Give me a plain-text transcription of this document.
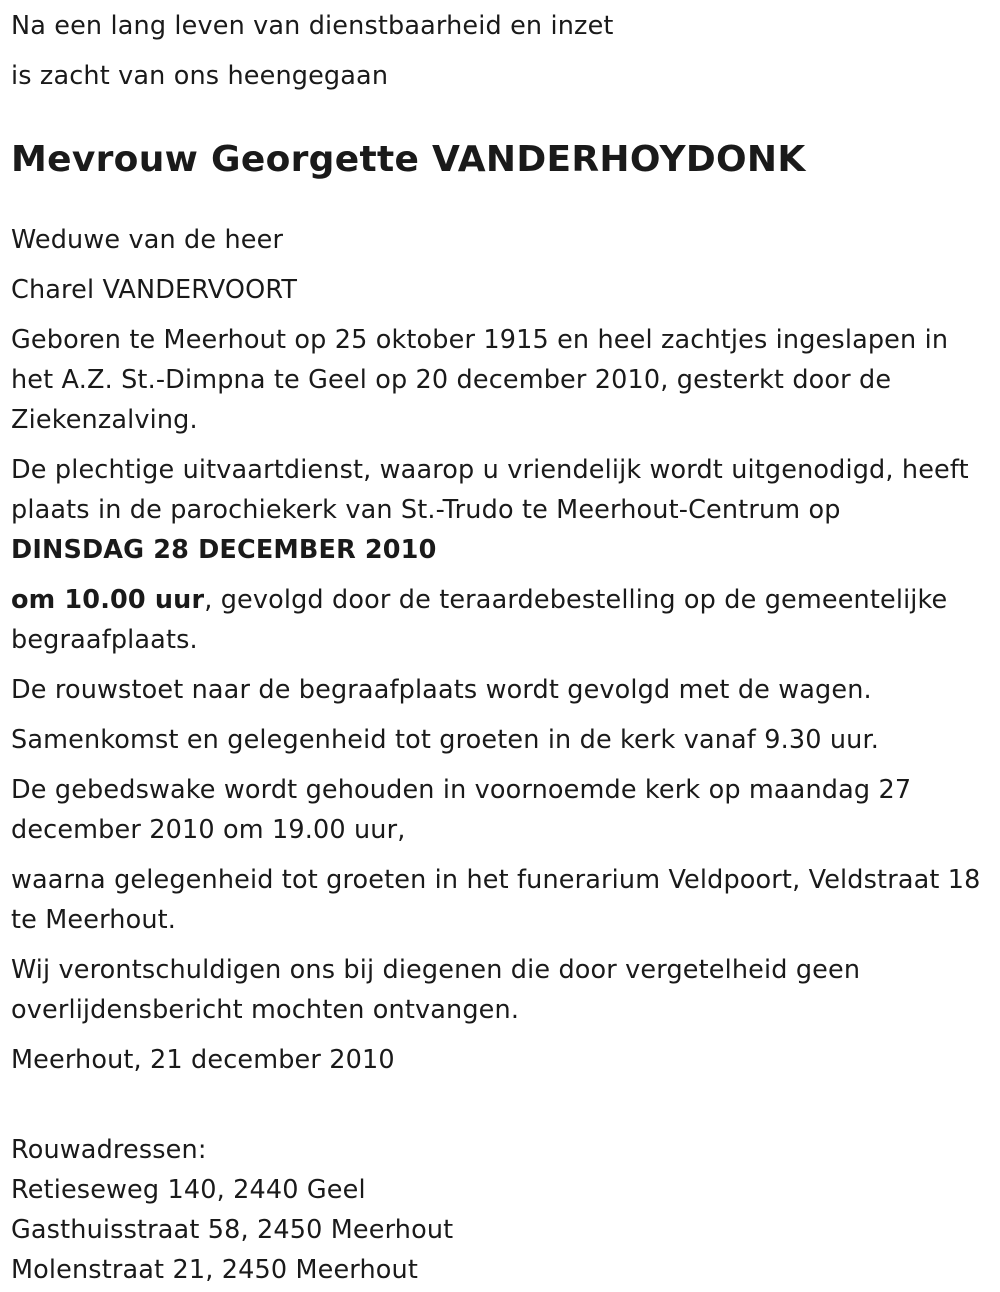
Na een lang leven van dienstbaarheid en inzet

is zacht van ons heengegaan

Mevrouw Georgette VANDERHOYDONK

Weduwe van de heer

Charel VANDERVOORT

Geboren te Meerhout op 25 oktober 1915 en heel zachtjes ingeslapen in het A.Z. St.-Dimpna te Geel op 20 december 2010, gesterkt door de Ziekenzalving.

De plechtige uitvaartdienst, waarop u vriendelijk wordt uitgenodigd, heeft plaats in de parochiekerk van St.-Trudo te Meerhout-Centrum op

DINSDAG 28 DECEMBER 2010

om 10.00 uur, gevolgd door de teraardebestelling op de gemeentelijke begraafplaats.

De rouwstoet naar de begraafplaats wordt gevolgd met de wagen.

Samenkomst en gelegenheid tot groeten in de kerk vanaf 9.30 uur.

De gebedswake wordt gehouden in voornoemde kerk op maandag 27 december 2010 om 19.00 uur,

waarna gelegenheid tot groeten in het funerarium Veldpoort, Veldstraat 18 te Meerhout.

Wij verontschuldigen ons bij diegenen die door vergetelheid geen overlijdensbericht mochten ontvangen.

Meerhout, 21 december 2010

Rouwadressen:

Retieseweg 140, 2440 Geel

Gasthuisstraat 58, 2450 Meerhout

Molenstraat 21, 2450 Meerhout
